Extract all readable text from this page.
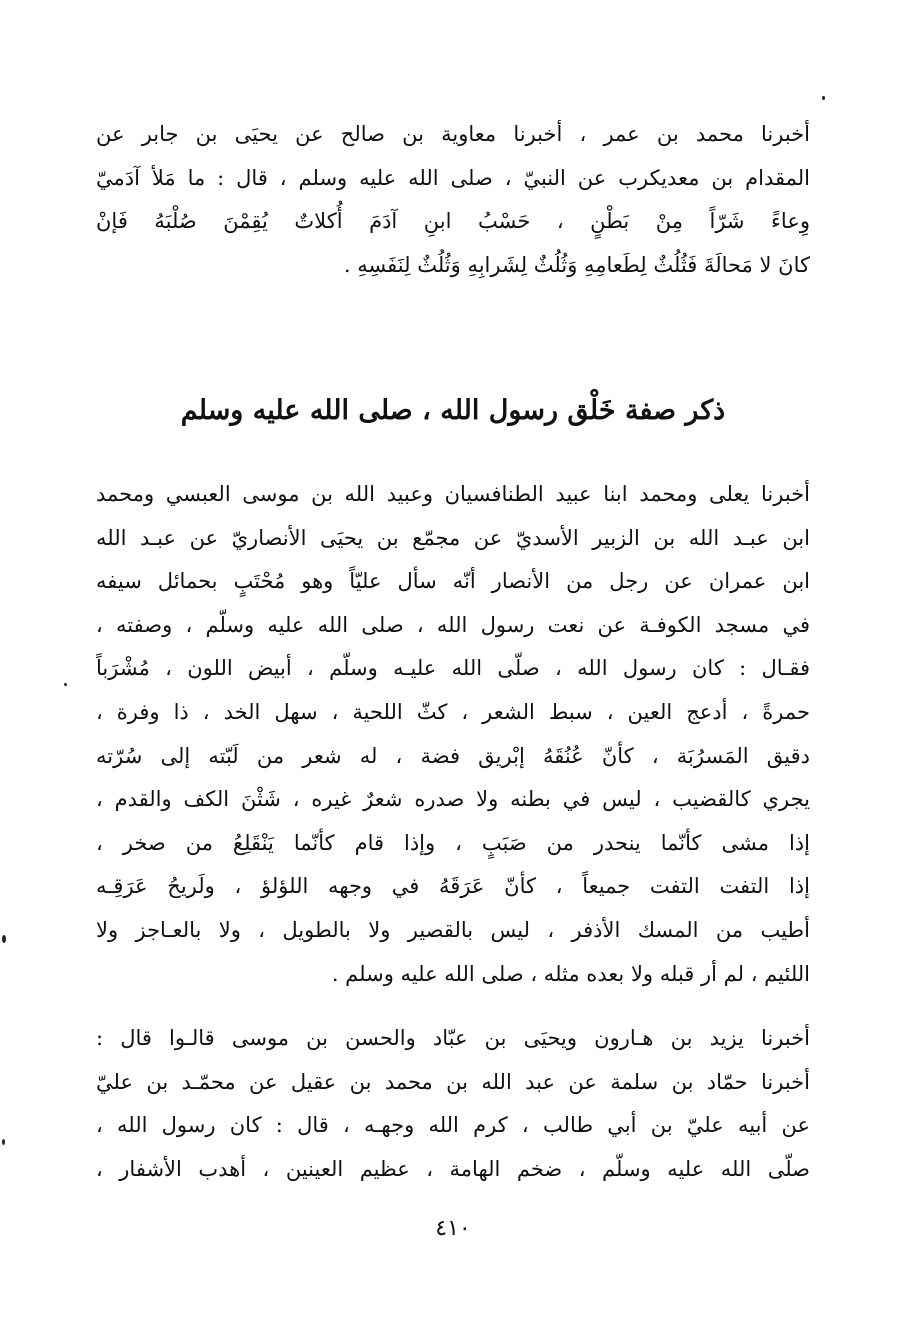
أخبرنا محمد بن عمر ، أخبرنا معاوية بن صالح عن يحيَى بن جابر عن
المقدام بن معديكرب عن النبيّ ، صلى الله عليه وسلم ، قال : ما مَلأ آدَميّ
وِعاءً شَرّاً مِنْ بَطْنٍ ، حَسْبُ ابنِ آدَمَ أُكلاتٌ يُقِمْنَ صُلْبَهُ فَإنْ
كانَ لا مَحالَةَ فَثُلُثٌ لِطَعامِهِ وَثُلُثٌ لِشَرابِهِ وَثُلُثٌ لِنَفَسِهِ .
ذكر صفة خَلْق رسول الله ، صلى الله عليه وسلم
أخبرنا يعلى ومحمد ابنا عبيد الطنافسيان وعبيد الله بن موسى العبسي ومحمد
ابن عبـد الله بن الزبير الأسديّ عن مجمّع بن يحيَى الأنصاريّ عن عبـد الله
ابن عمران عن رجل من الأنصار أنّه سأل عليّاً وهو مُحْتَبٍ بحمائل سيفه
في مسجد الكوفـة عن نعت رسول الله ، صلى الله عليه وسلّم ، وصفته ،
فقـال : كان رسول الله ، صلّى الله عليـه وسلّم ، أبيض اللون ، مُشْرَباً
حمرةً ، أدعج العين ، سبط الشعر ، كثّ اللحية ، سهل الخد ، ذا وفرة ،
دقيق المَسرُبَة ، كأنّ عُنُقَهُ إبْريق فضة ، له شعر من لَبّته إلى سُرّته
يجري كالقضيب ، ليس في بطنه ولا صدره شعرٌ غيره ، شَثْنَ الكف والقدم ،
إذا مشى كأنّما ينحدر من صَبَبٍ ، وإذا قام كأنّما يَنْقَلِعُ من صخر ،
إذا التفت التفت جميعاً ، كأنّ عَرَقَهُ في وجهه اللؤلؤ ، ولَريحُ عَرَقِـه
أطيب من المسك الأذفر ، ليس بالقصير ولا بالطويل ، ولا بالعـاجز ولا
اللئيم ، لم أر قبله ولا بعده مثله ، صلى الله عليه وسلم .
أخبرنا يزيد بن هـارون ويحيَى بن عبّاد والحسن بن موسى قالـوا قال :
أخبرنا حمّاد بن سلمة عن عبد الله بن محمد بن عقيل عن محمّـد بن عليّ
عن أبيه عليّ بن أبي طالب ، كرم الله وجهـه ، قال : كان رسول الله ،
صلّى الله عليه وسلّم ، ضخم الهامة ، عظيم العينين ، أهدب الأشفار ،
٤١٠
